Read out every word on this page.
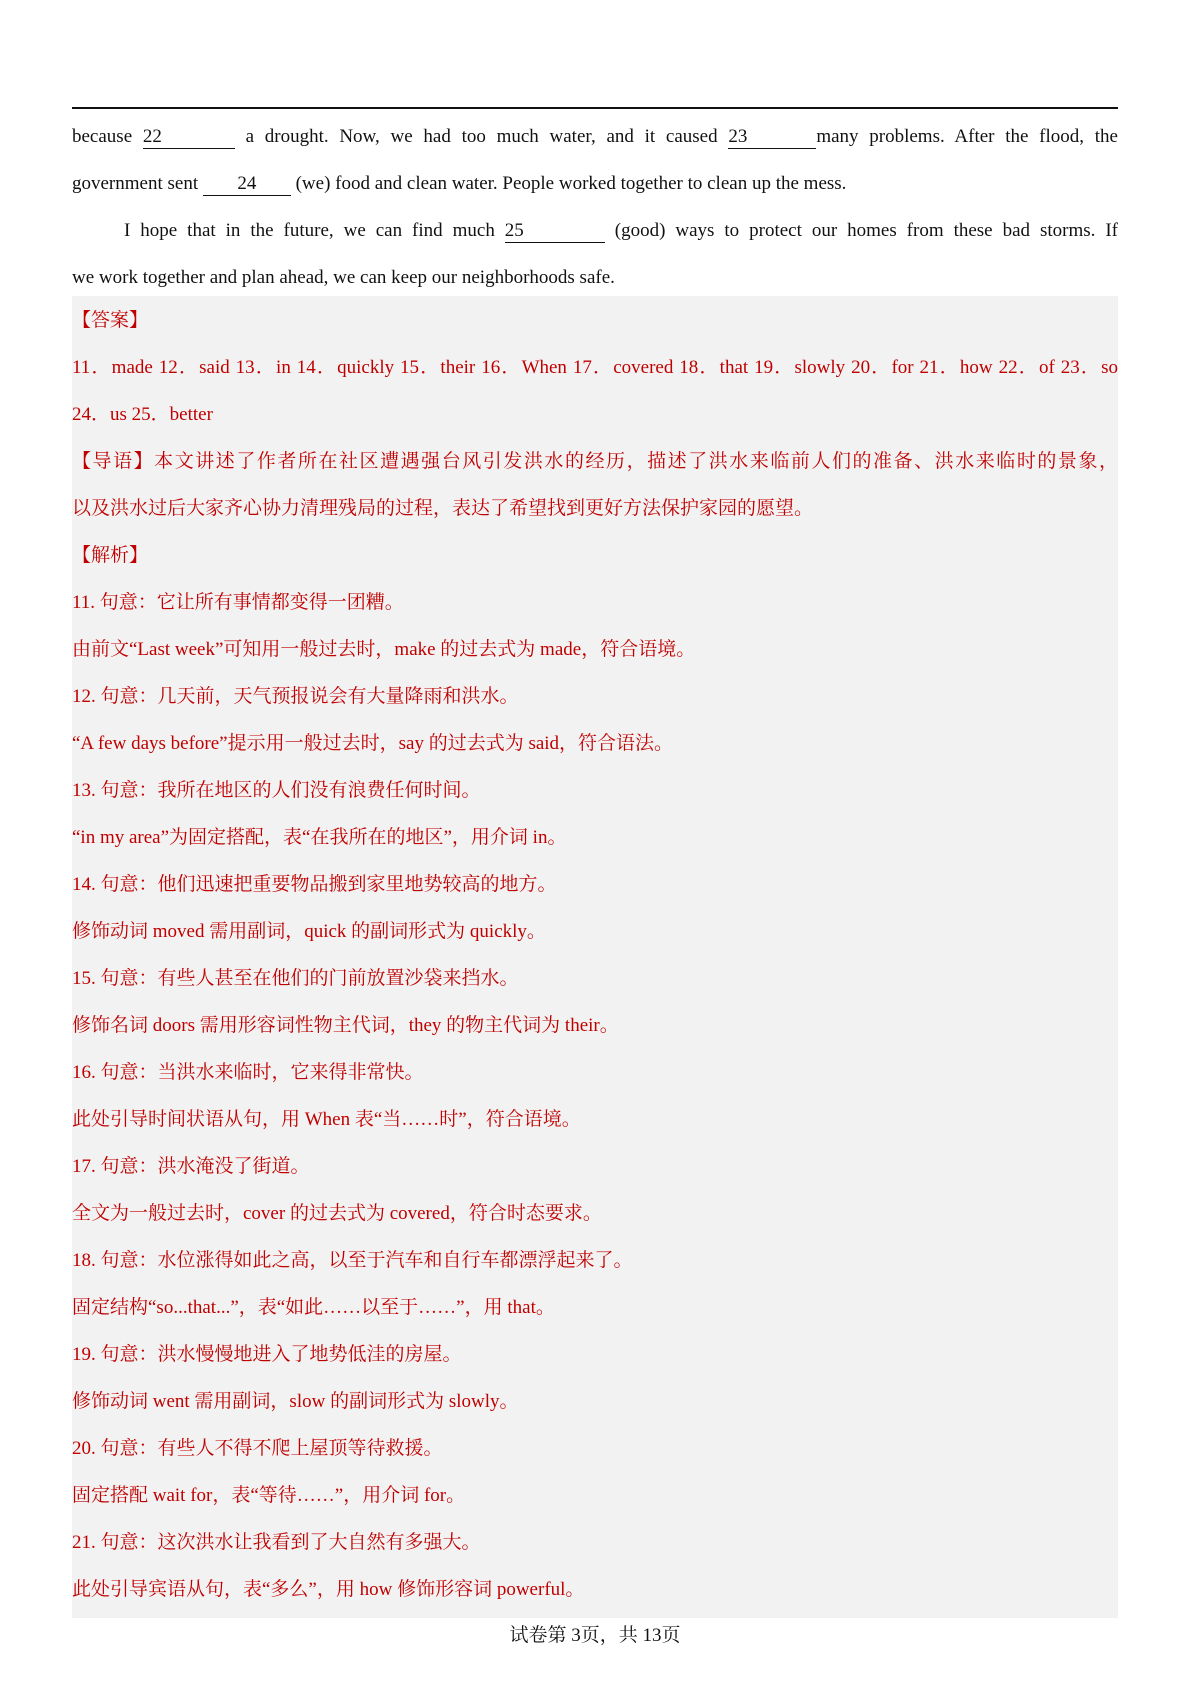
because 22	a drought. Now, we had too much water, and it caused 23	many problems. After the flood, the
government sent 24 (we) food and clean water. People worked together to clean up the mess.
I hope that in the future, we can find much 25	(good) ways to protect our homes from these bad storms. If
we work together and plan ahead, we can keep our neighborhoods safe.
【答案】
11．made 12．said 13．in 14．quickly 15．their 16．When 17．covered 18．that 19．slowly 20．for 21．how 22．of 23．so
24．us 25．better
【导语】本文讲述了作者所在社区遭遇强台风引发洪水的经历，描述了洪水来临前人们的准备、洪水来临时的景象，
以及洪水过后大家齐心协力清理残局的过程，表达了希望找到更好方法保护家园的愿望。
【解析】
11. 句意：它让所有事情都变得一团糟。
由前文“Last week”可知用一般过去时，make 的过去式为 made，符合语境。
12. 句意：几天前，天气预报说会有大量降雨和洪水。
“A few days before”提示用一般过去时，say 的过去式为 said，符合语法。
13. 句意：我所在地区的人们没有浪费任何时间。
“in my area”为固定搭配，表“在我所在的地区”，用介词 in。
14. 句意：他们迅速把重要物品搬到家里地势较高的地方。
修饰动词 moved 需用副词，quick 的副词形式为 quickly。
15. 句意：有些人甚至在他们的门前放置沙袋来挡水。
修饰名词 doors 需用形容词性物主代词，they 的物主代词为 their。
16. 句意：当洪水来临时，它来得非常快。
此处引导时间状语从句，用 When 表“当……时”，符合语境。
17. 句意：洪水淹没了街道。
全文为一般过去时，cover 的过去式为 covered，符合时态要求。
18. 句意：水位涨得如此之高，以至于汽车和自行车都漂浮起来了。
固定结构“so...that...”，表“如此……以至于……”，用 that。
19. 句意：洪水慢慢地进入了地势低洼的房屋。
修饰动词 went 需用副词，slow 的副词形式为 slowly。
20. 句意：有些人不得不爬上屋顶等待救援。
固定搭配 wait for，表“等待……”，用介词 for。
21. 句意：这次洪水让我看到了大自然有多强大。
此处引导宾语从句，表“多么”，用 how 修饰形容词 powerful。
试卷第 3页，共 13页
